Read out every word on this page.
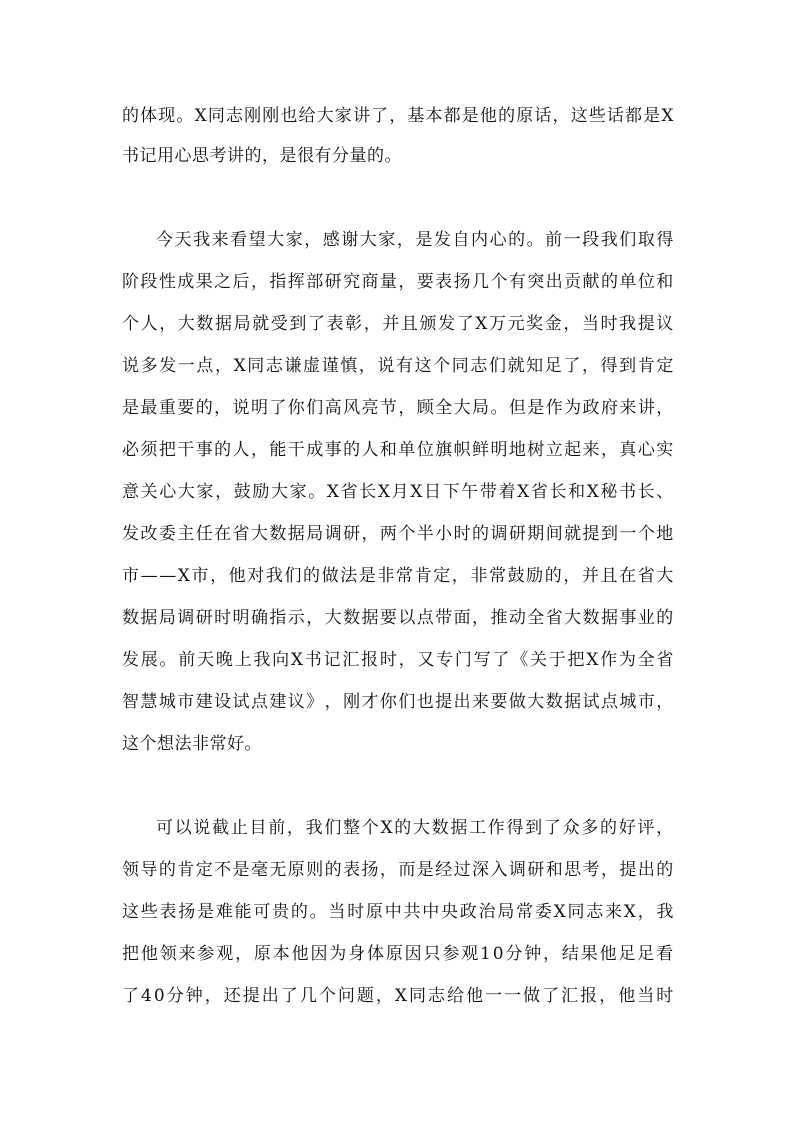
的 体 现 。 X 同 志 刚 刚 也 给 大 家 讲 了 ， 基 本 都 是 他 的 原 话 ， 这 些 话 都 是 X
书记用心思考讲的，是很有分量的。
今 天 我 来 看 望 大 家 ， 感 谢 大 家 ， 是 发 自 内 心 的 。 前 一 段 我 们 取 得
阶 段 性 成 果 之 后 ， 指 挥 部 研 究 商 量 ， 要 表 扬 几 个 有 突 出 贡 献 的 单 位 和
个 人 ， 大 数 据 局 就 受 到 了 表 彰 ， 并 且 颁 发 了 X 万 元 奖 金 ， 当 时 我 提 议
说 多 发 一 点 ， X 同 志 谦 虚 谨 慎 ， 说 有 这 个 同 志 们 就 知 足 了 ， 得 到 肯 定
是 最 重 要 的 ， 说 明 了 你 们 高 风 亮 节 ， 顾 全 大 局 。 但 是 作 为 政 府 来 讲 ，
必 须 把 干 事 的 人 ， 能 干 成 事 的 人 和 单 位 旗 帜 鲜 明 地 树 立 起 来 ， 真 心 实
意 关 心 大 家 ， 鼓 励 大 家 。 X 省 长 X 月 X 日 下 午 带 着 X 省 长 和 X 秘 书 长 、
发 改 委 主 任 在 省 大 数 据 局 调 研 ， 两 个 半 小 时 的 调 研 期 间 就 提 到 一 个 地
市 — — X 市 ， 他 对 我 们 的 做 法 是 非 常 肯 定 ， 非 常 鼓 励 的 ， 并 且 在 省 大
数 据 局 调 研 时 明 确 指 示 ， 大 数 据 要 以 点 带 面 ， 推 动 全 省 大 数 据 事 业 的
发 展 。 前 天 晚 上 我 向 X 书 记 汇 报 时 ， 又 专 门 写 了 《 关 于 把 X 作 为 全 省
智 慧 城 市 建 设 试 点 建 议 》 ， 刚 才 你 们 也 提 出 来 要 做 大 数 据 试 点 城 市 ，
这个想法非常好。
可 以 说 截 止 目 前 ， 我 们 整 个 X 的 大 数 据 工 作 得 到 了 众 多 的 好 评 ，
领 导 的 肯 定 不 是 毫 无 原 则 的 表 扬 ， 而 是 经 过 深 入 调 研 和 思 考 ， 提 出 的
这 些 表 扬 是 难 能 可 贵 的 。 当 时 原 中 共 中 央 政 治 局 常 委 X 同 志 来 X ， 我
把 他 领 来 参 观 ， 原 本 他 因 为 身 体 原 因 只 参 观 1 0 分 钟 ， 结 果 他 足 足 看
了 4 0 分 钟 ， 还 提 出 了 几 个 问 题 ， X 同 志 给 他 一 一 做 了 汇 报 ， 他 当 时
